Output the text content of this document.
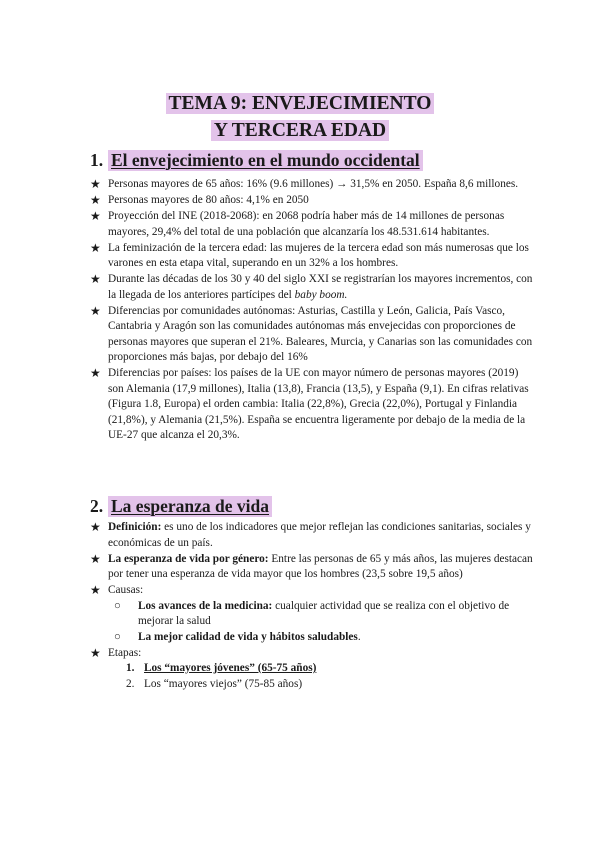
TEMA 9: ENVEJECIMIENTO
Y TERCERA EDAD
1. El envejecimiento en el mundo occidental
★ Personas mayores de 65 años: 16% (9.6 millones) → 31,5% en 2050. España 8,6 millones.
★ Personas mayores de 80 años: 4,1% en 2050
★ Proyección del INE (2018-2068): en 2068 podría haber más de 14 millones de personas mayores, 29,4% del total de una población que alcanzaría los 48.531.614 habitantes.
★ La feminización de la tercera edad: las mujeres de la tercera edad son más numerosas que los varones en esta etapa vital, superando en un 32% a los hombres.
★ Durante las décadas de los 30 y 40 del siglo XXI se registrarían los mayores incrementos, con la llegada de los anteriores partícipes del baby boom.
★ Diferencias por comunidades autónomas: Asturias, Castilla y León, Galicia, País Vasco, Cantabria y Aragón son las comunidades autónomas más envejecidas con proporciones de personas mayores que superan el 21%. Baleares, Murcia, y Canarias son las comunidades con proporciones más bajas, por debajo del 16%
★ Diferencias por países: los países de la UE con mayor número de personas mayores (2019) son Alemania (17,9 millones), Italia (13,8), Francia (13,5), y España (9,1). En cifras relativas (Figura 1.8, Europa) el orden cambia: Italia (22,8%), Grecia (22,0%), Portugal y Finlandia (21,8%), y Alemania (21,5%). España se encuentra ligeramente por debajo de la media de la UE-27 que alcanza el 20,3%.
2. La esperanza de vida
★ Definición: es uno de los indicadores que mejor reflejan las condiciones sanitarias, sociales y económicas de un país.
★ La esperanza de vida por género: Entre las personas de 65 y más años, las mujeres destacan por tener una esperanza de vida mayor que los hombres (23,5 sobre 19,5 años)
★ Causas:
○ Los avances de la medicina: cualquier actividad que se realiza con el objetivo de mejorar la salud
○ La mejor calidad de vida y hábitos saludables.
★ Etapas:
1. Los “mayores jóvenes” (65-75 años)
2. Los “mayores viejos” (75-85 años)
